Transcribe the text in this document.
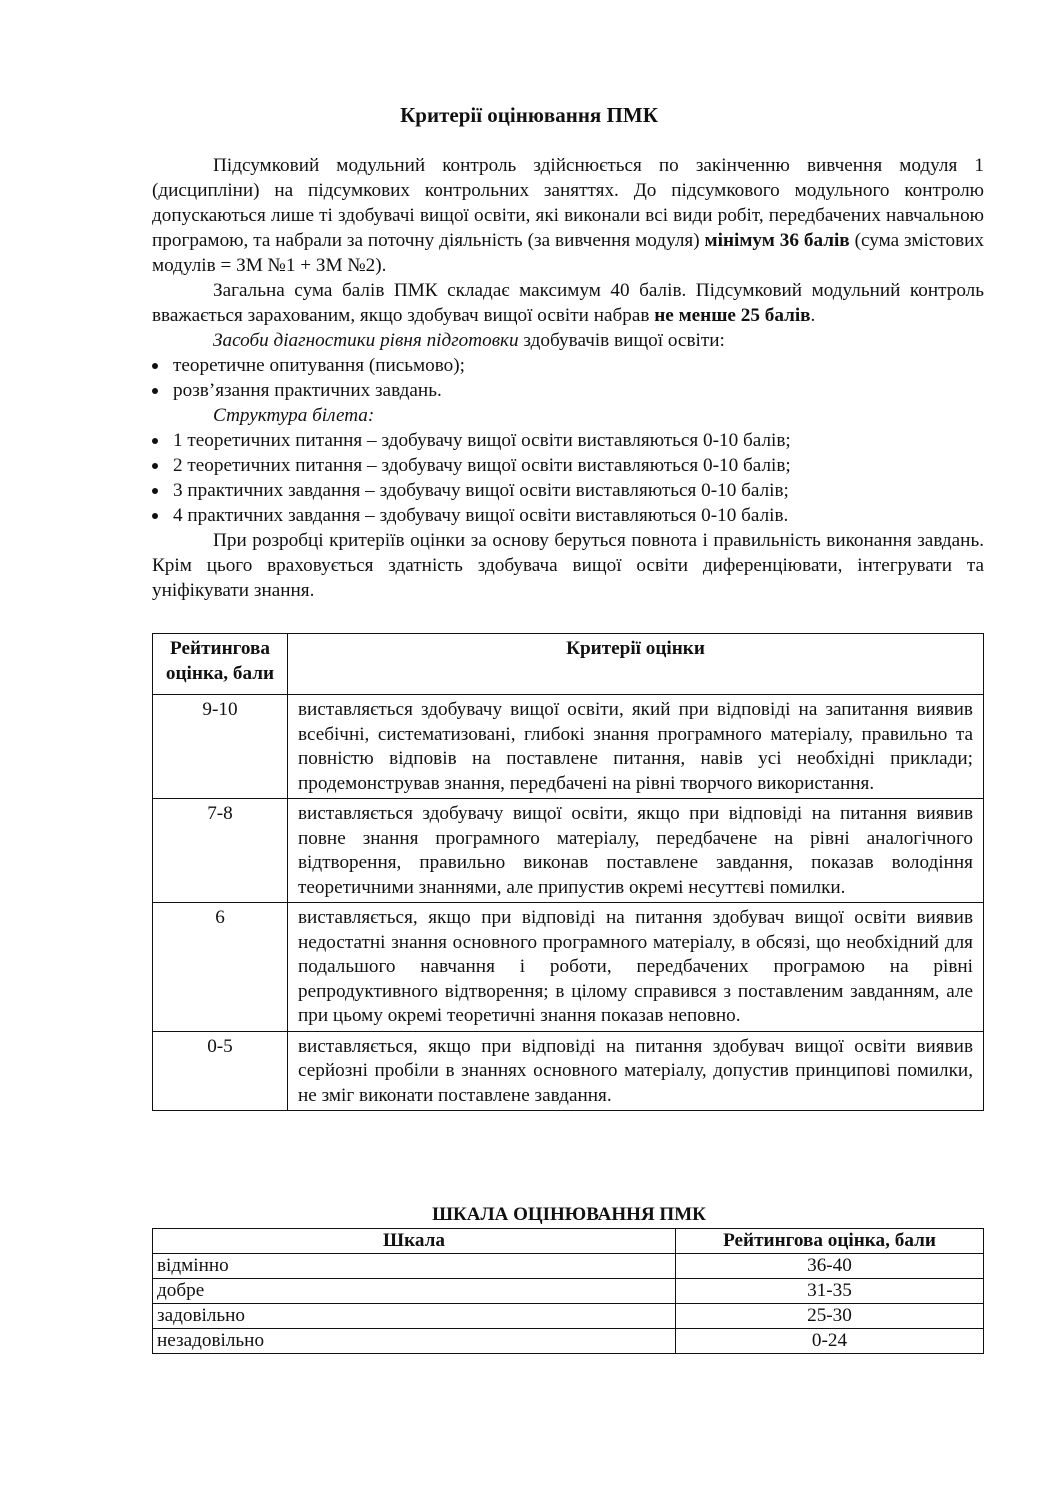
Критерії оцінювання ПМК

Підсумковий модульний контроль здійснюється по закінченню вивчення модуля 1 (дисципліни) на підсумкових контрольних заняттях. До підсумкового модульного контролю допускаються лише ті здобувачі вищої освіти, які виконали всі види робіт, передбачених навчальною програмою, та набрали за поточну діяльність (за вивчення модуля) мінімум 36 балів (сума змістових модулів = ЗМ №1 + ЗМ №2).

Загальна сума балів ПМК складає максимум 40 балів. Підсумковий модульний контроль вважається зарахованим, якщо здобувач вищої освіти набрав не менше 25 балів.

Засоби діагностики рівня підготовки здобувачів вищої освіти:

теоретичне опитування (письмово);
розв’язання практичних завдань.

Структура білета:

1 теоретичних питання – здобувачу вищої освіти виставляються 0-10 балів;
2 теоретичних питання – здобувачу вищої освіти виставляються 0-10 балів;
3 практичних завдання – здобувачу вищої освіти виставляються 0-10 балів;
4 практичних завдання – здобувачу вищої освіти виставляються 0-10 балів.

При розробці критеріїв оцінки за основу беруться повнота і правильність виконання завдань. Крім цього враховується здатність здобувача вищої освіти диференціювати, інтегрувати та уніфікувати знання.

Рейтингова оцінка, бали	Критерії оцінки
9-10	виставляється здобувачу вищої освіти, який при відповіді на запитання виявив всебічні, систематизовані, глибокі знання програмного матеріалу, правильно та повністю відповів на поставлене питання, навів усі необхідні приклади; продемонстрував знання, передбачені на рівні творчого використання.
7-8	виставляється здобувачу вищої освіти, якщо при відповіді на питання виявив повне знання програмного матеріалу, передбачене на рівні аналогічного відтворення, правильно виконав поставлене завдання, показав володіння теоретичними знаннями, але припустив окремі несуттєві помилки.
6	виставляється, якщо при відповіді на питання здобувач вищої освіти виявив недостатні знання основного програмного матеріалу, в обсязі, що необхідний для подальшого навчання і роботи, передбачених програмою на рівні репродуктивного відтворення; в цілому справився з поставленим завданням, але при цьому окремі теоретичні знання показав неповно.
0-5	виставляється, якщо при відповіді на питання здобувач вищої освіти виявив серйозні пробіли в знаннях основного матеріалу, допустив принципові помилки, не зміг виконати поставлене завдання.
ШКАЛА ОЦІНЮВАННЯ ПМК
Шкала	Рейтингова оцінка, бали
відмінно	36-40
добре	31-35
задовільно	25-30
незадовільно	0-24
